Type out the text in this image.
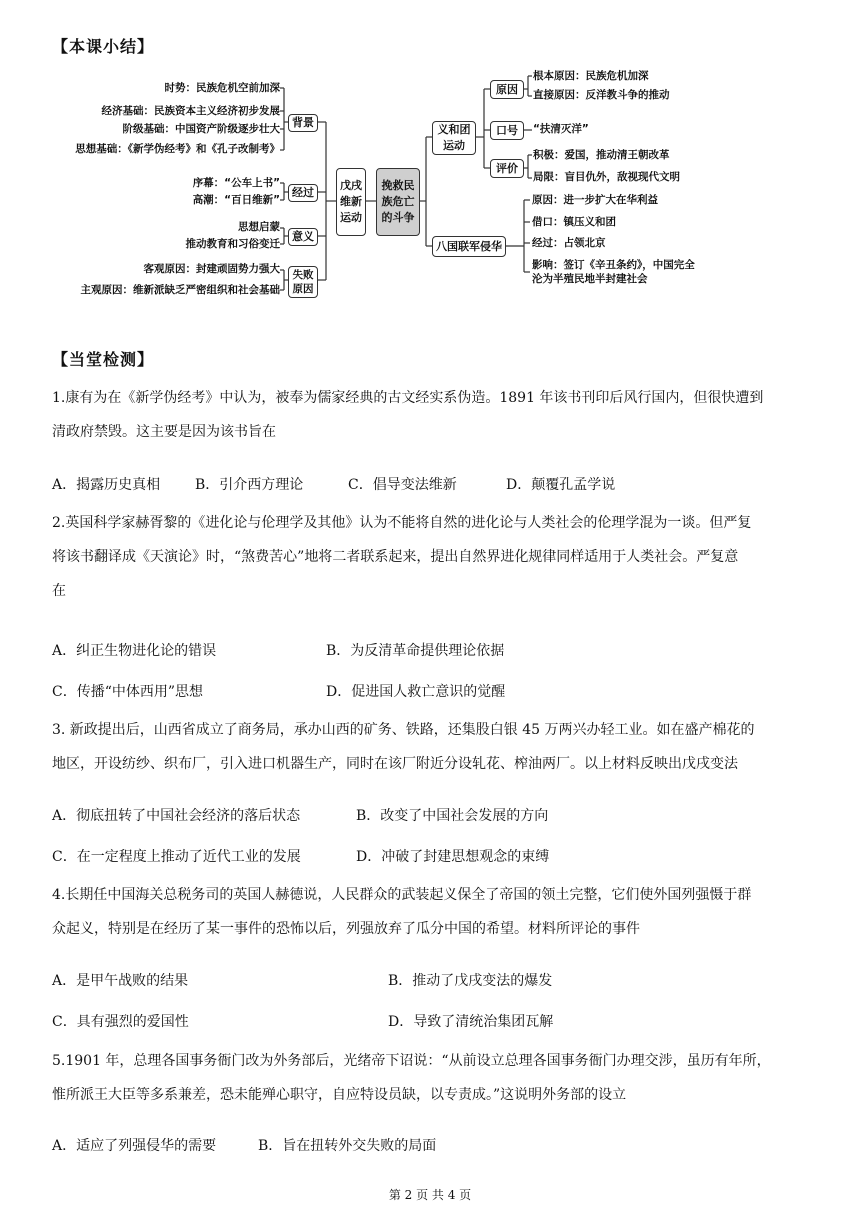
【本课小结】
时势：民族危机空前加深
经济基础：民族资本主义经济初步发展
阶级基础：中国资产阶级逐步壮大
思想基础：《新学伪经考》和《孔子改制考》
背景
序幕：“公车上书”
高潮：“百日维新”
经过
思想启蒙
推动教育和习俗变迁
意义
客观原因：封建顽固势力强大
主观原因：维新派缺乏严密组织和社会基础
失败原因
戊戌维新运动
挽救民族危亡的斗争
义和团运动
原因
口号
评价
根本原因：民族危机加深
直接原因：反洋教斗争的推动
“扶清灭洋”
积极：爱国，推动清王朝改革
局限：盲目仇外，敌视现代文明
八国联军侵华
原因：进一步扩大在华利益
借口：镇压义和团
经过：占领北京
影响：签订《辛丑条约》，中国完全
沦为半殖民地半封建社会
【当堂检测】
1.康有为在《新学伪经考》中认为，被奉为儒家经典的古文经实系伪造。1891 年该书刊印后风行国内，但很快遭到
清政府禁毁。这主要是因为该书旨在
A．揭露历史真相 B．引介西方理论	C．倡导变法维新	D．颠覆孔孟学说
2.英国科学家赫胥黎的《进化论与伦理学及其他》认为不能将自然的进化论与人类社会的伦理学混为一谈。但严复
将该书翻译成《天演论》时，“煞费苦心”地将二者联系起来，提出自然界进化规律同样适用于人类社会。严复意
在
A．纠正生物进化论的错误	B．为反清革命提供理论依据
C．传播“中体西用”思想	D．促进国人救亡意识的觉醒
3. 新政提出后，山西省成立了商务局，承办山西的矿务、铁路，还集股白银 45 万两兴办轻工业。如在盛产棉花的
地区，开设纺纱、织布厂，引入进口机器生产，同时在该厂附近分设轧花、榨油两厂。以上材料反映出戊戌变法
A．彻底扭转了中国社会经济的落后状态	B．改变了中国社会发展的方向
C．在一定程度上推动了近代工业的发展	D．冲破了封建思想观念的束缚
4.长期任中国海关总税务司的英国人赫德说，人民群众的武装起义保全了帝国的领土完整，它们使外国列强慑于群
众起义，特别是在经历了某一事件的恐怖以后，列强放弃了瓜分中国的希望。材料所评论的事件
A．是甲午战败的结果	B．推动了戊戌变法的爆发
C．具有强烈的爱国性	D．导致了清统治集团瓦解
5.1901 年，总理各国事务衙门改为外务部后，光绪帝下诏说：“从前设立总理各国事务衙门办理交涉，虽历有年所，
惟所派王大臣等多系兼差，恐未能殚心职守，自应特设员缺，以专责成。”这说明外务部的设立
A．适应了列强侵华的需要	B．旨在扭转外交失败的局面
第 2 页 共 4 页
